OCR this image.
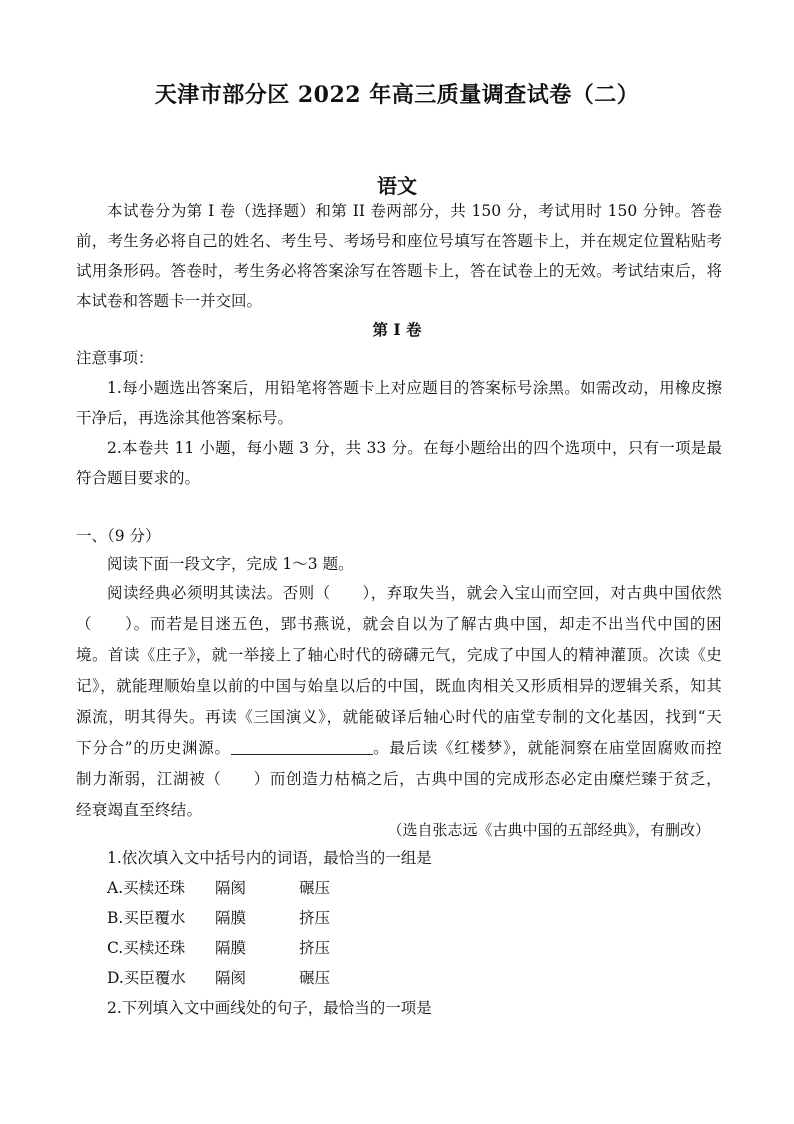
天津市部分区 2022 年高三质量调查试卷（二）
语文

本试卷分为第 I 卷（选择题）和第 II 卷两部分，共 150 分，考试用时 150 分钟。答卷前，考生务必将自己的姓名、考生号、考场号和座位号填写在答题卡上，并在规定位置粘贴考试用条形码。答卷时，考生务必将答案涂写在答题卡上，答在试卷上的无效。考试结束后，将本试卷和答题卡一并交回。

第 I 卷
注意事项：

1.每小题选出答案后，用铅笔将答题卡上对应题目的答案标号涂黑。如需改动，用橡皮擦干净后，再选涂其他答案标号。

2.本卷共 11 小题，每小题 3 分，共 33 分。在每小题给出的四个选项中，只有一项是最符合题目要求的。

一、（9 分）
阅读下面一段文字，完成 1～3 题。

阅读经典必须明其读法。否则（　　），弃取失当，就会入宝山而空回，对古典中国依然（　　）。而若是目迷五色，郢书燕说，就会自以为了解古典中国，却走不出当代中国的困境。首读《庄子》，就一举接上了轴心时代的磅礴元气，完成了中国人的精神灌顶。次读《史记》，就能理顺始皇以前的中国与始皇以后的中国，既血肉相关又形质相异的逻辑关系，知其源流，明其得失。再读《三国演义》，就能破译后轴心时代的庙堂专制的文化基因，找到“天下分合”的历史渊源。	。最后读《红楼梦》，就能洞察在庙堂固腐败而控制力渐弱，江湖被（　　）而创造力枯槁之后，古典中国的完成形态必定由糜烂臻于贫乏，经衰竭直至终结。

（选自张志远《古典中国的五部经典》，有删改）
1.依次填入文中括号内的词语，最恰当的一组是
A.买椟还珠 隔阂	碾压
B.买臣覆水 隔膜	挤压
C.买椟还珠 隔膜	挤压
D.买臣覆水 隔阂	碾压
2.下列填入文中画线处的句子，最恰当的一项是
